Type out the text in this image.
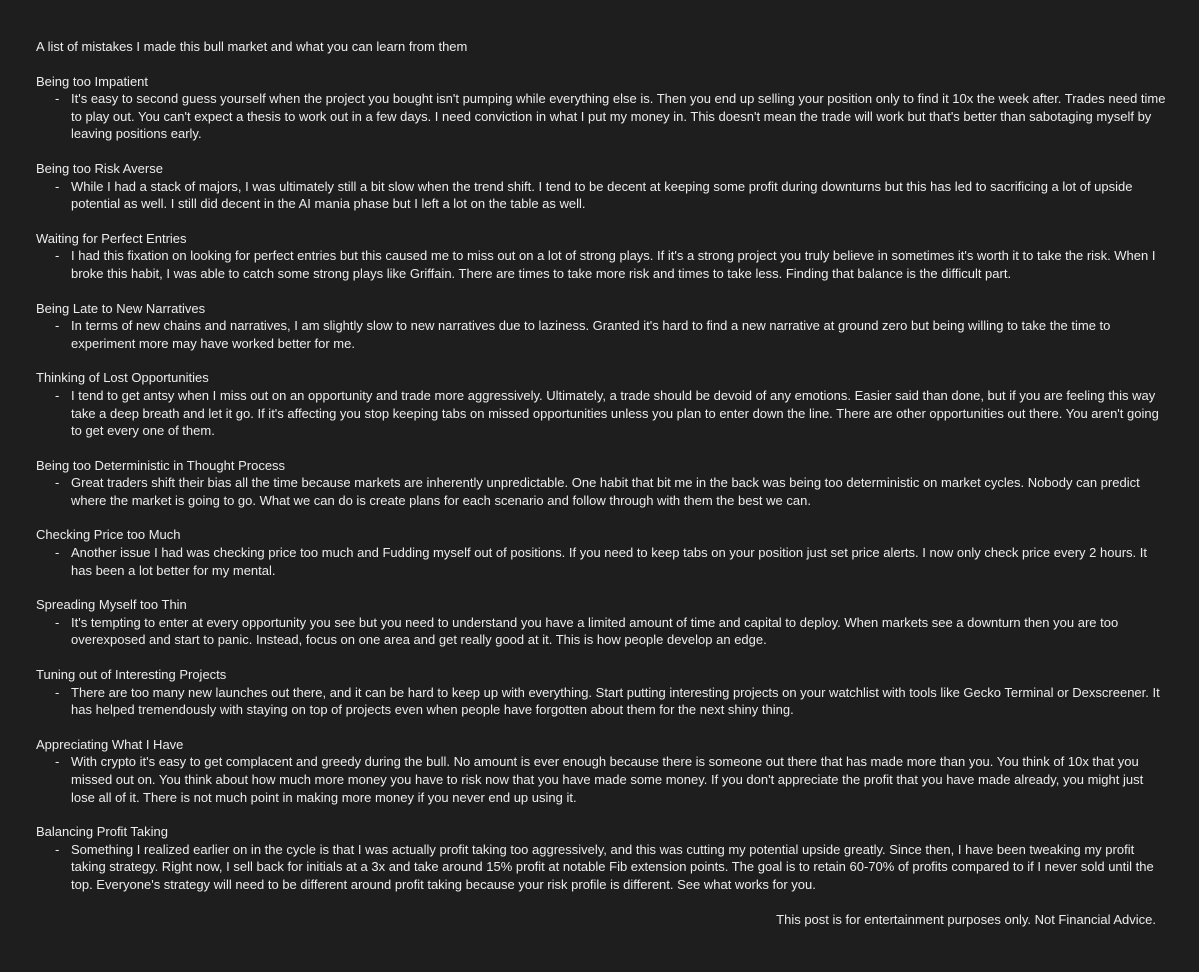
A list of mistakes I made this bull market and what you can learn from them
Being too Impatient
- It's easy to second guess yourself when the project you bought isn't pumping while everything else is. Then you end up selling your position only to find it 10x the week after. Trades need time to play out. You can't expect a thesis to work out in a few days. I need conviction in what I put my money in. This doesn't mean the trade will work but that's better than sabotaging myself by leaving positions early.
Being too Risk Averse
- While I had a stack of majors, I was ultimately still a bit slow when the trend shift. I tend to be decent at keeping some profit during downturns but this has led to sacrificing a lot of upside potential as well. I still did decent in the AI mania phase but I left a lot on the table as well.
Waiting for Perfect Entries
- I had this fixation on looking for perfect entries but this caused me to miss out on a lot of strong plays. If it's a strong project you truly believe in sometimes it's worth it to take the risk. When I broke this habit, I was able to catch some strong plays like Griffain. There are times to take more risk and times to take less. Finding that balance is the difficult part.
Being Late to New Narratives
- In terms of new chains and narratives, I am slightly slow to new narratives due to laziness. Granted it's hard to find a new narrative at ground zero but being willing to take the time to experiment more may have worked better for me.
Thinking of Lost Opportunities
- I tend to get antsy when I miss out on an opportunity and trade more aggressively. Ultimately, a trade should be devoid of any emotions. Easier said than done, but if you are feeling this way take a deep breath and let it go. If it's affecting you stop keeping tabs on missed opportunities unless you plan to enter down the line. There are other opportunities out there. You aren't going to get every one of them.
Being too Deterministic in Thought Process
- Great traders shift their bias all the time because markets are inherently unpredictable. One habit that bit me in the back was being too deterministic on market cycles. Nobody can predict where the market is going to go. What we can do is create plans for each scenario and follow through with them the best we can.
Checking Price too Much
- Another issue I had was checking price too much and Fudding myself out of positions. If you need to keep tabs on your position just set price alerts. I now only check price every 2 hours. It has been a lot better for my mental.
Spreading Myself too Thin
- It's tempting to enter at every opportunity you see but you need to understand you have a limited amount of time and capital to deploy. When markets see a downturn then you are too overexposed and start to panic. Instead, focus on one area and get really good at it. This is how people develop an edge.
Tuning out of Interesting Projects
- There are too many new launches out there, and it can be hard to keep up with everything. Start putting interesting projects on your watchlist with tools like Gecko Terminal or Dexscreener. It has helped tremendously with staying on top of projects even when people have forgotten about them for the next shiny thing.
Appreciating What I Have
- With crypto it's easy to get complacent and greedy during the bull. No amount is ever enough because there is someone out there that has made more than you. You think of 10x that you missed out on. You think about how much more money you have to risk now that you have made some money. If you don't appreciate the profit that you have made already, you might just lose all of it. There is not much point in making more money if you never end up using it.
Balancing Profit Taking
- Something I realized earlier on in the cycle is that I was actually profit taking too aggressively, and this was cutting my potential upside greatly. Since then, I have been tweaking my profit taking strategy. Right now, I sell back for initials at a 3x and take around 15% profit at notable Fib extension points. The goal is to retain 60-70% of profits compared to if I never sold until the top. Everyone's strategy will need to be different around profit taking because your risk profile is different. See what works for you.
This post is for entertainment purposes only. Not Financial Advice.
